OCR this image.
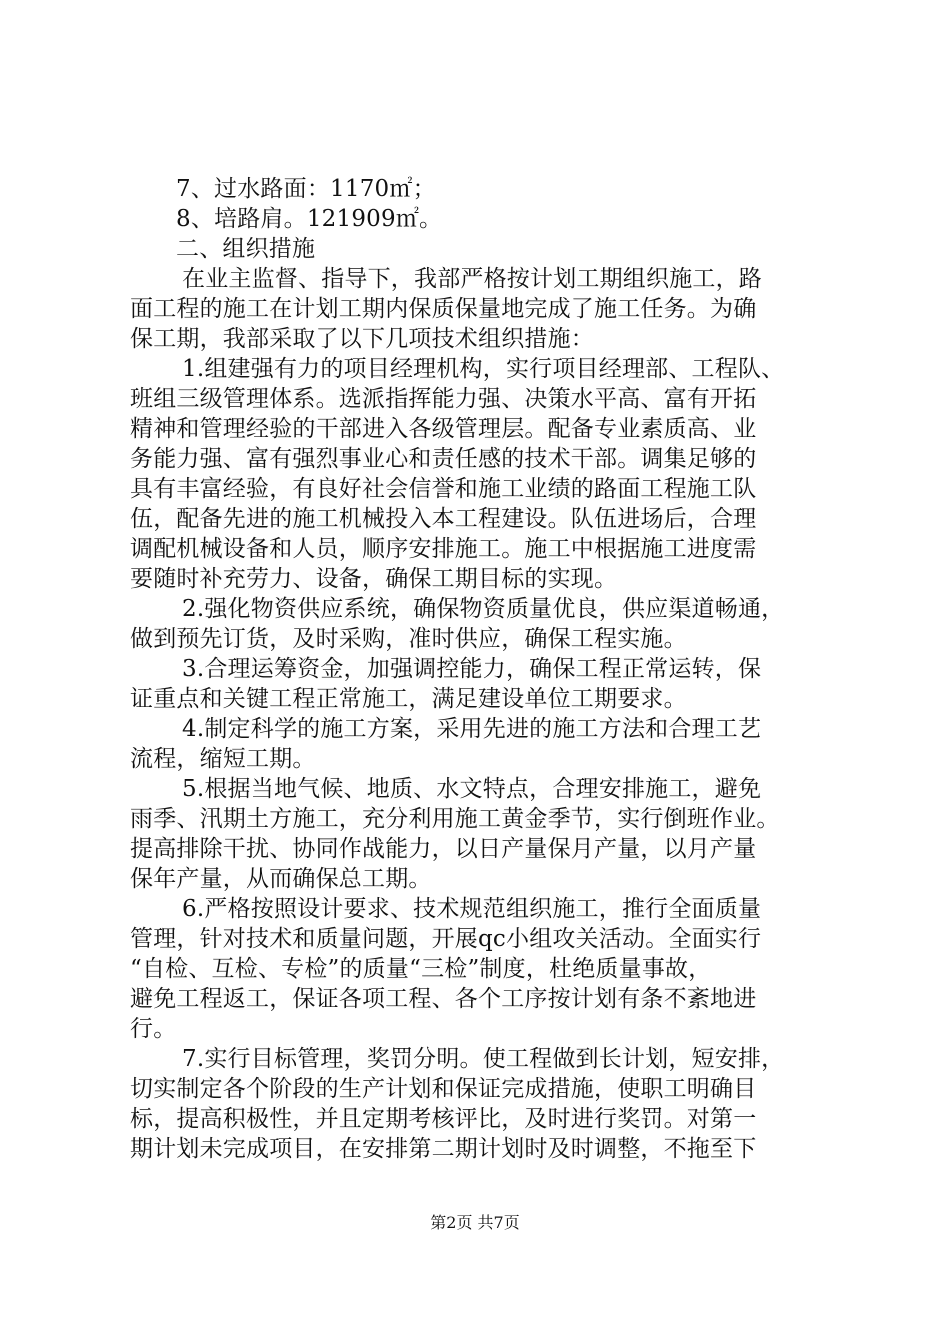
7、过水路面：1170㎡；
8、培路肩。121909㎡。
二、组织措施
在业主监督、指导下，我部严格按计划工期组织施工，路
面工程的施工在计划工期内保质保量地完成了施工任务。为确
保工期，我部采取了以下几项技术组织措施：
1.组建强有力的项目经理机构，实行项目经理部、工程队、
班组三级管理体系。选派指挥能力强、决策水平高、富有开拓
精神和管理经验的干部进入各级管理层。配备专业素质高、业
务能力强、富有强烈事业心和责任感的技术干部。调集足够的
具有丰富经验，有良好社会信誉和施工业绩的路面工程施工队
伍，配备先进的施工机械投入本工程建设。队伍进场后，合理
调配机械设备和人员，顺序安排施工。施工中根据施工进度需
要随时补充劳力、设备，确保工期目标的实现。
2.强化物资供应系统，确保物资质量优良，供应渠道畅通，
做到预先订货，及时采购，准时供应，确保工程实施。
3.合理运筹资金，加强调控能力，确保工程正常运转，保
证重点和关键工程正常施工，满足建设单位工期要求。
4.制定科学的施工方案，采用先进的施工方法和合理工艺
流程，缩短工期。
5.根据当地气候、地质、水文特点，合理安排施工，避免
雨季、汛期土方施工，充分利用施工黄金季节，实行倒班作业。
提高排除干扰、协同作战能力，以日产量保月产量，以月产量
保年产量，从而确保总工期。
6.严格按照设计要求、技术规范组织施工，推行全面质量
管理，针对技术和质量问题，开展qc小组攻关活动。全面实行
“自检、互检、专检”的质量“三检”制度，杜绝质量事故，
避免工程返工，保证各项工程、各个工序按计划有条不紊地进
行。
7.实行目标管理，奖罚分明。使工程做到长计划，短安排，
切实制定各个阶段的生产计划和保证完成措施，使职工明确目
标，提高积极性，并且定期考核评比，及时进行奖罚。对第一
期计划未完成项目，在安排第二期计划时及时调整，不拖至下
第2页 共7页
